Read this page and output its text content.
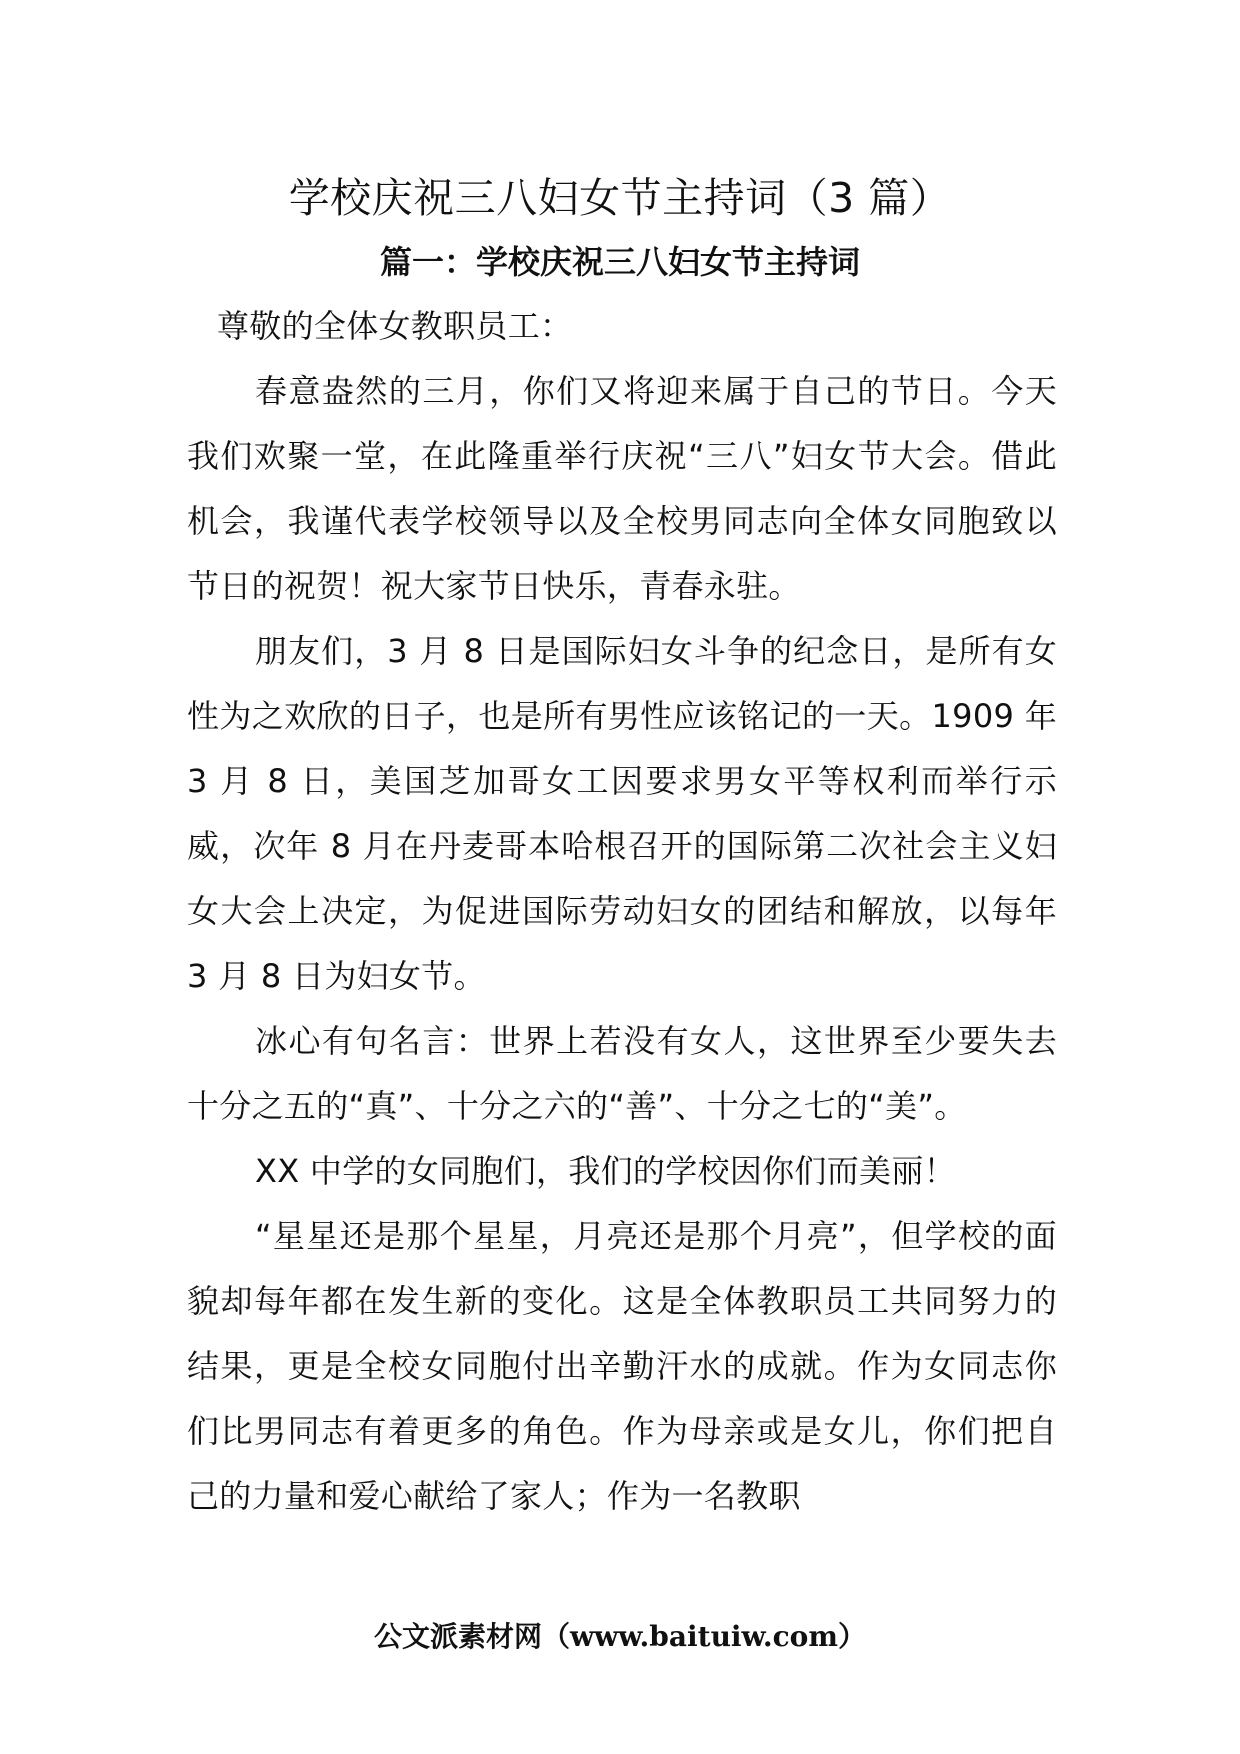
学校庆祝三八妇女节主持词（3 篇）
篇一：学校庆祝三八妇女节主持词

尊敬的全体女教职员工：

春意盎然的三月，你们又将迎来属于自己的节日。今天我们欢聚一堂，在此隆重举行庆祝“三八”妇女节大会。借此机会，我谨代表学校领导以及全校男同志向全体女同胞致以节日的祝贺！祝大家节日快乐，青春永驻。

朋友们，3 月 8 日是国际妇女斗争的纪念日，是所有女性为之欢欣的日子，也是所有男性应该铭记的一天。1909 年 3 月 8 日，美国芝加哥女工因要求男女平等权利而举行示威，次年 8 月在丹麦哥本哈根召开的国际第二次社会主义妇女大会上决定，为促进国际劳动妇女的团结和解放，以每年 3 月 8 日为妇女节。

冰心有句名言：世界上若没有女人，这世界至少要失去十分之五的“真”、十分之六的“善”、十分之七的“美”。

XX 中学的女同胞们，我们的学校因你们而美丽！

“星星还是那个星星，月亮还是那个月亮”，但学校的面貌却每年都在发生新的变化。这是全体教职员工共同努力的结果，更是全校女同胞付出辛勤汗水的成就。作为女同志你们比男同志有着更多的角色。作为母亲或是女儿，你们把自己的力量和爱心献给了家人；作为一名教职

公文派素材网（www.baituiw.com）
